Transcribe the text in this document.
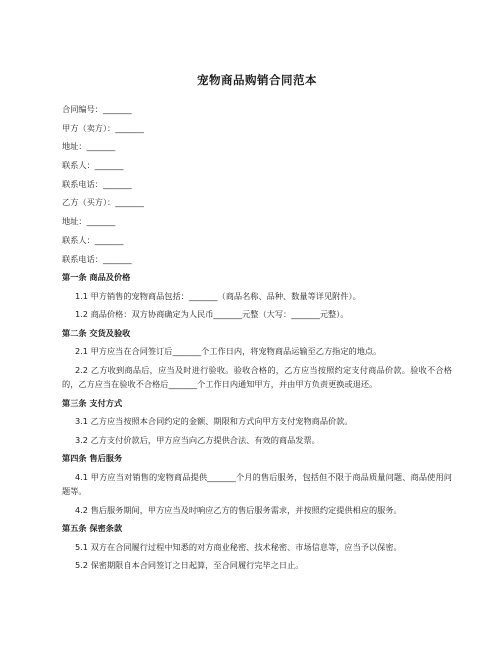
宠物商品购销合同范本
合同编号：_______
甲方（卖方）：_______
地址：_______
联系人：_______
联系电话：_______
乙方（买方）：_______
地址：_______
联系人：_______
联系电话：_______
第一条 商品及价格
1.1 甲方销售的宠物商品包括：_______（商品名称、品种、数量等详见附件）。
1.2 商品价格：双方协商确定为人民币_______元整（大写：_______元整）。
第二条 交货及验收
2.1 甲方应当在合同签订后_______个工作日内，将宠物商品运输至乙方指定的地点。
2.2 乙方收到商品后，应当及时进行验收。验收合格的，乙方应当按照约定支付商品价款。验收不合格的，乙方应当在验收不合格后_______个工作日内通知甲方，并由甲方负责更换或退还。
第三条 支付方式
3.1 乙方应当按照本合同约定的金额、期限和方式向甲方支付宠物商品价款。
3.2 乙方支付价款后，甲方应当向乙方提供合法、有效的商品发票。
第四条 售后服务
4.1 甲方应当对销售的宠物商品提供_______个月的售后服务，包括但不限于商品质量问题、商品使用问题等。
4.2 售后服务期间，甲方应当及时响应乙方的售后服务需求，并按照约定提供相应的服务。
第五条 保密条款
5.1 双方在合同履行过程中知悉的对方商业秘密、技术秘密、市场信息等，应当予以保密。
5.2 保密期限自本合同签订之日起算，至合同履行完毕之日止。
